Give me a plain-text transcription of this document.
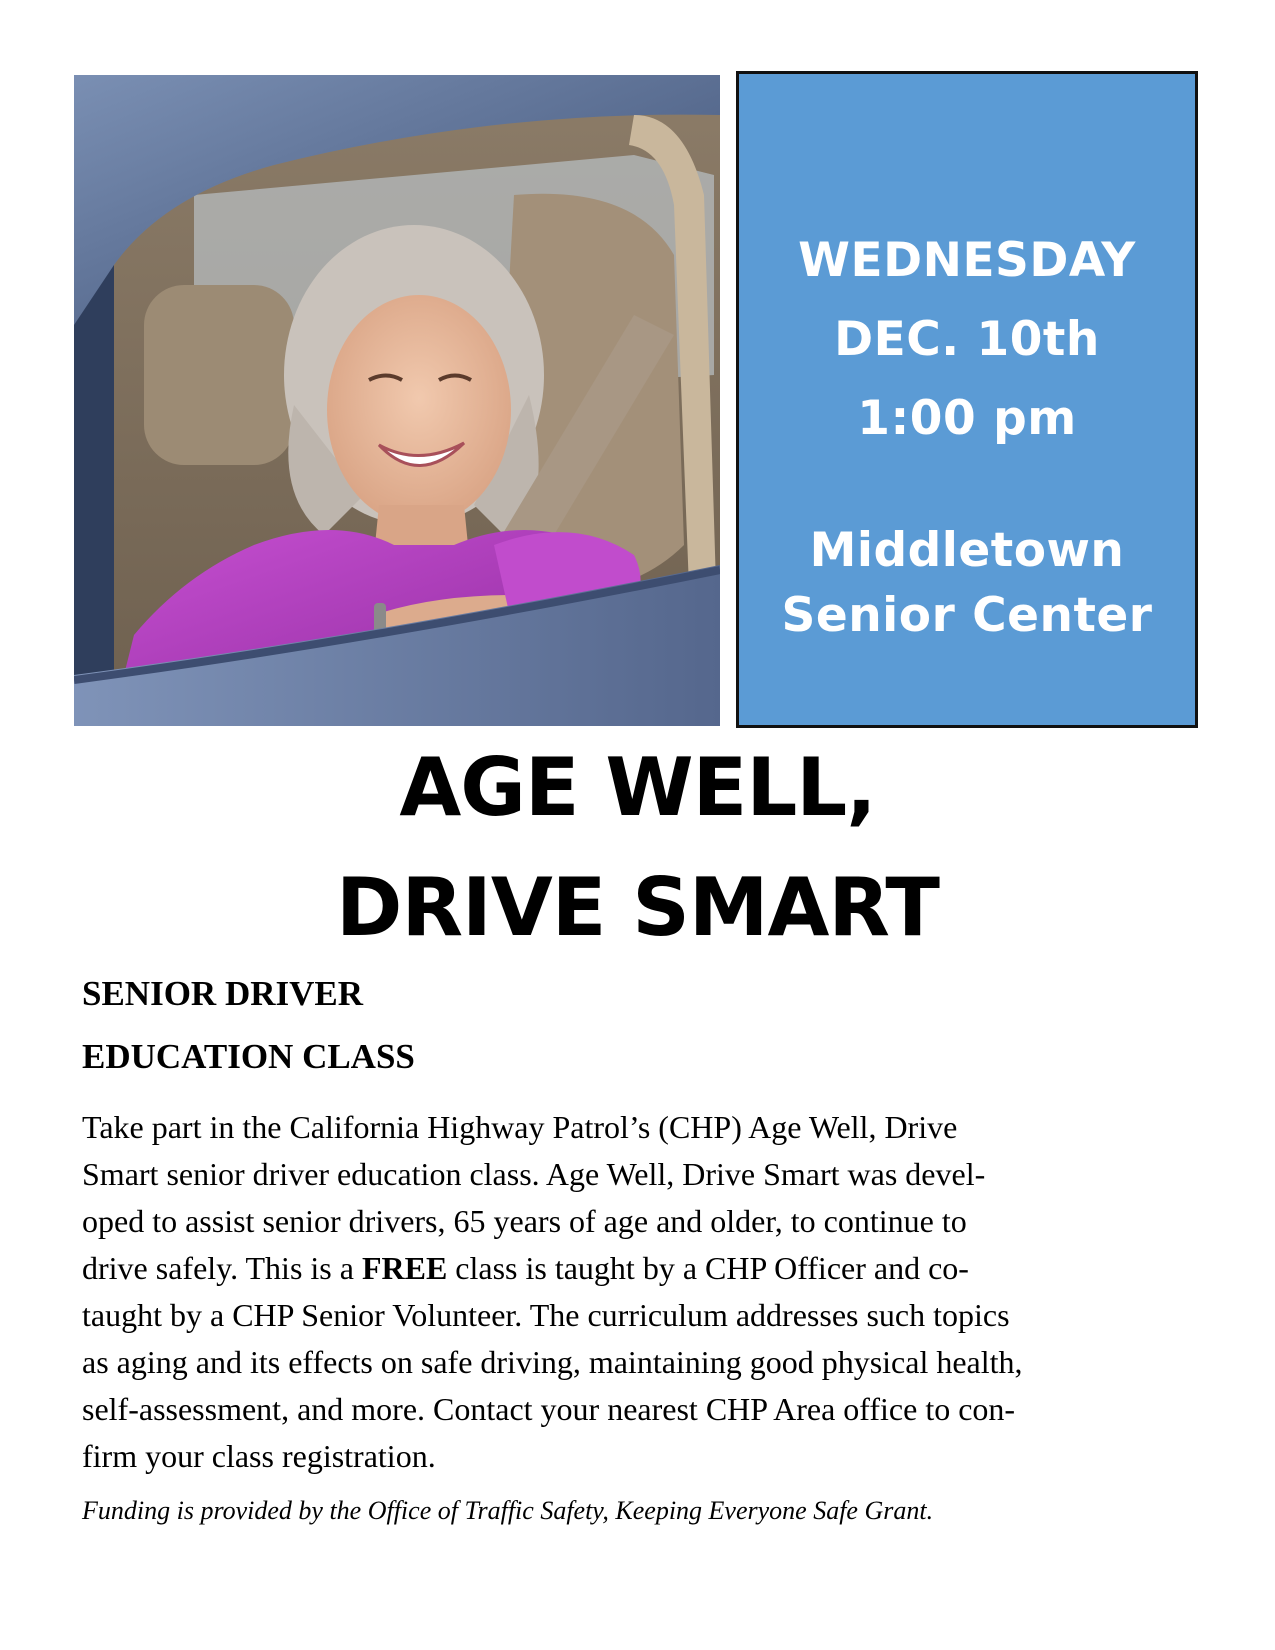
WEDNESDAY
DEC. 10th
1:00 pm
Middletown
Senior Center
AGE WELL,
DRIVE SMART
SENIOR DRIVER
EDUCATION CLASS
Take part in the California Highway Patrol’s (CHP) Age Well, Drive
Smart senior driver education class. Age Well, Drive Smart was devel-
oped to assist senior drivers, 65 years of age and older, to continue to
drive safely. This is a FREE class is taught by a CHP Officer and co-
taught by a CHP Senior Volunteer. The curriculum addresses such topics
as aging and its effects on safe driving, maintaining good physical health,
self-assessment, and more. Contact your nearest CHP Area office to con-
firm your class registration.
Funding is provided by the Office of Traffic Safety, Keeping Everyone Safe Grant.
